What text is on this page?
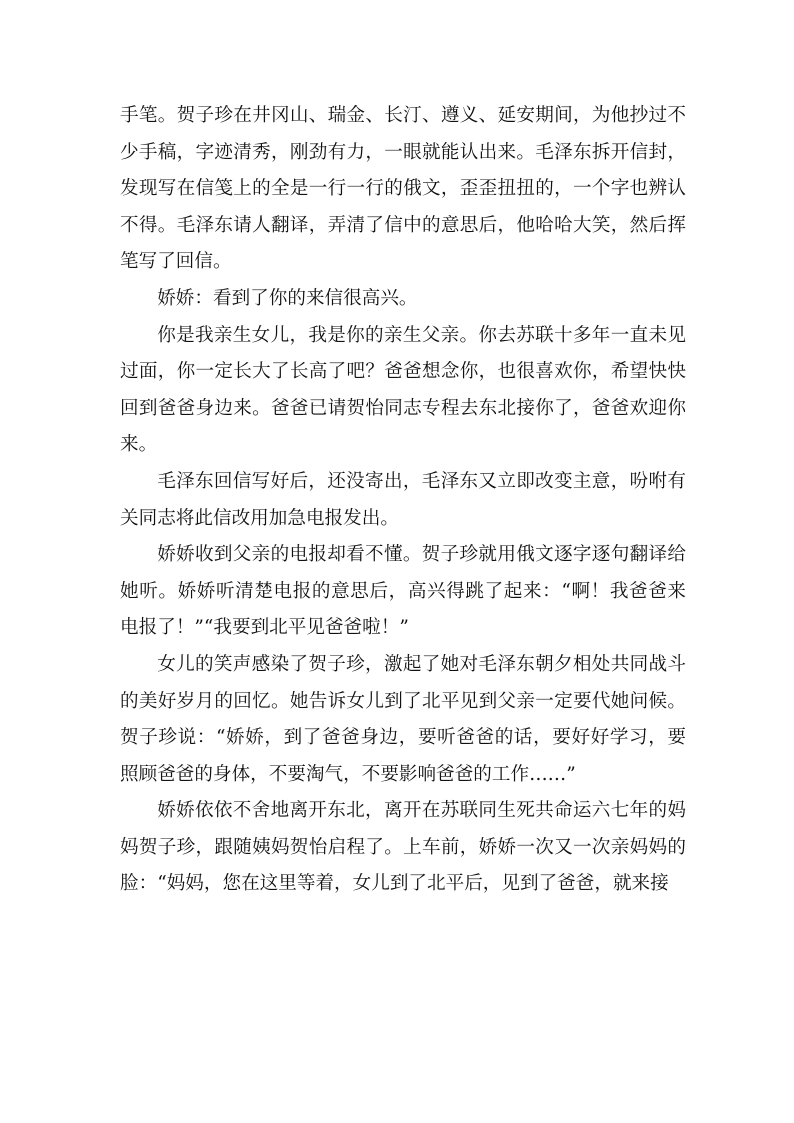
手笔。贺子珍在井冈山、瑞金、长汀、遵义、延安期间，为他抄过不少手稿，字迹清秀，刚劲有力，一眼就能认出来。毛泽东拆开信封，发现写在信笺上的全是一行一行的俄文，歪歪扭扭的，一个字也辨认不得。毛泽东请人翻译，弄清了信中的意思后，他哈哈大笑，然后挥笔写了回信。

娇娇：看到了你的来信很高兴。

你是我亲生女儿，我是你的亲生父亲。你去苏联十多年一直未见过面，你一定长大了长高了吧？爸爸想念你，也很喜欢你，希望快快回到爸爸身边来。爸爸已请贺怡同志专程去东北接你了，爸爸欢迎你来。

毛泽东回信写好后，还没寄出，毛泽东又立即改变主意，吩咐有关同志将此信改用加急电报发出。

娇娇收到父亲的电报却看不懂。贺子珍就用俄文逐字逐句翻译给她听。娇娇听清楚电报的意思后，高兴得跳了起来：“啊！我爸爸来电报了！”“我要到北平见爸爸啦！”

女儿的笑声感染了贺子珍，激起了她对毛泽东朝夕相处共同战斗的美好岁月的回忆。她告诉女儿到了北平见到父亲一定要代她问候。贺子珍说：“娇娇，到了爸爸身边，要听爸爸的话，要好好学习，要照顾爸爸的身体，不要淘气，不要影响爸爸的工作……”

娇娇依依不舍地离开东北，离开在苏联同生死共命运六七年的妈妈贺子珍，跟随姨妈贺怡启程了。上车前，娇娇一次又一次亲妈妈的脸：“妈妈，您在这里等着，女儿到了北平后，见到了爸爸，就来接
